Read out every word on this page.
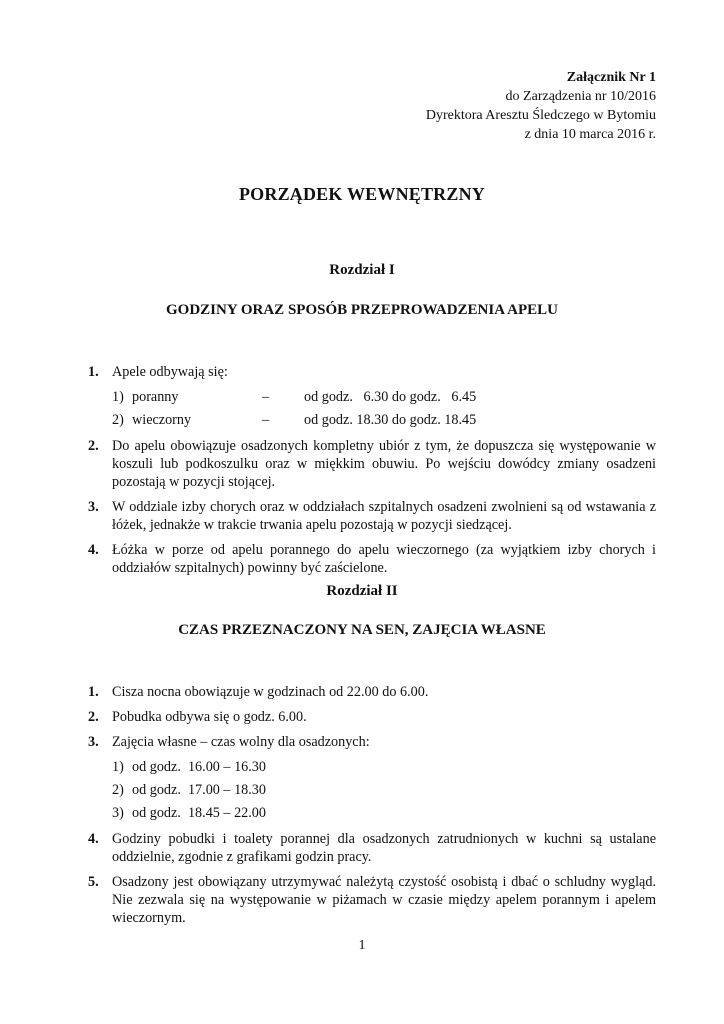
Załącznik Nr 1
do Zarządzenia nr 10/2016
Dyrektora Aresztu Śledczego w Bytomiu
z dnia 10 marca 2016 r.
PORZĄDEK WEWNĘTRZNY
Rozdział I
GODZINY ORAZ SPOSÓB PRZEPROWADZENIA APELU
1. Apele odbywają się:
1) poranny	– od godz.   6.30 do godz.   6.45
2) wieczorny	– od godz. 18.30 do godz. 18.45
2. Do apelu obowiązuje osadzonych kompletny ubiór z tym, że dopuszcza się występowanie w koszuli lub podkoszulku oraz w miękkim obuwiu. Po wejściu dowódcy zmiany osadzeni pozostają w pozycji stojącej.
3. W oddziale izby chorych oraz w oddziałach szpitalnych osadzeni zwolnieni są od wstawania z łóżek, jednakże w trakcie trwania apelu pozostają w pozycji siedzącej.
4. Łóżka w porze od apelu porannego do apelu wieczornego (za wyjątkiem izby chorych i oddziałów szpitalnych) powinny być zaścielone.
Rozdział II
CZAS PRZEZNACZONY NA SEN, ZAJĘCIA WŁASNE
1. Cisza nocna obowiązuje w godzinach od 22.00 do 6.00.
2. Pobudka odbywa się o godz. 6.00.
3. Zajęcia własne – czas wolny dla osadzonych:
1) od godz.  16.00 – 16.30
2) od godz.  17.00 – 18.30
3) od godz.  18.45 – 22.00
4. Godziny pobudki i toalety porannej dla osadzonych zatrudnionych w kuchni są ustalane oddzielnie, zgodnie z grafikami godzin pracy.
5. Osadzony jest obowiązany utrzymywać należytą czystość osobistą i dbać o schludny wygląd. Nie zezwala się na występowanie w piżamach w czasie między apelem porannym i apelem wieczornym.
1
